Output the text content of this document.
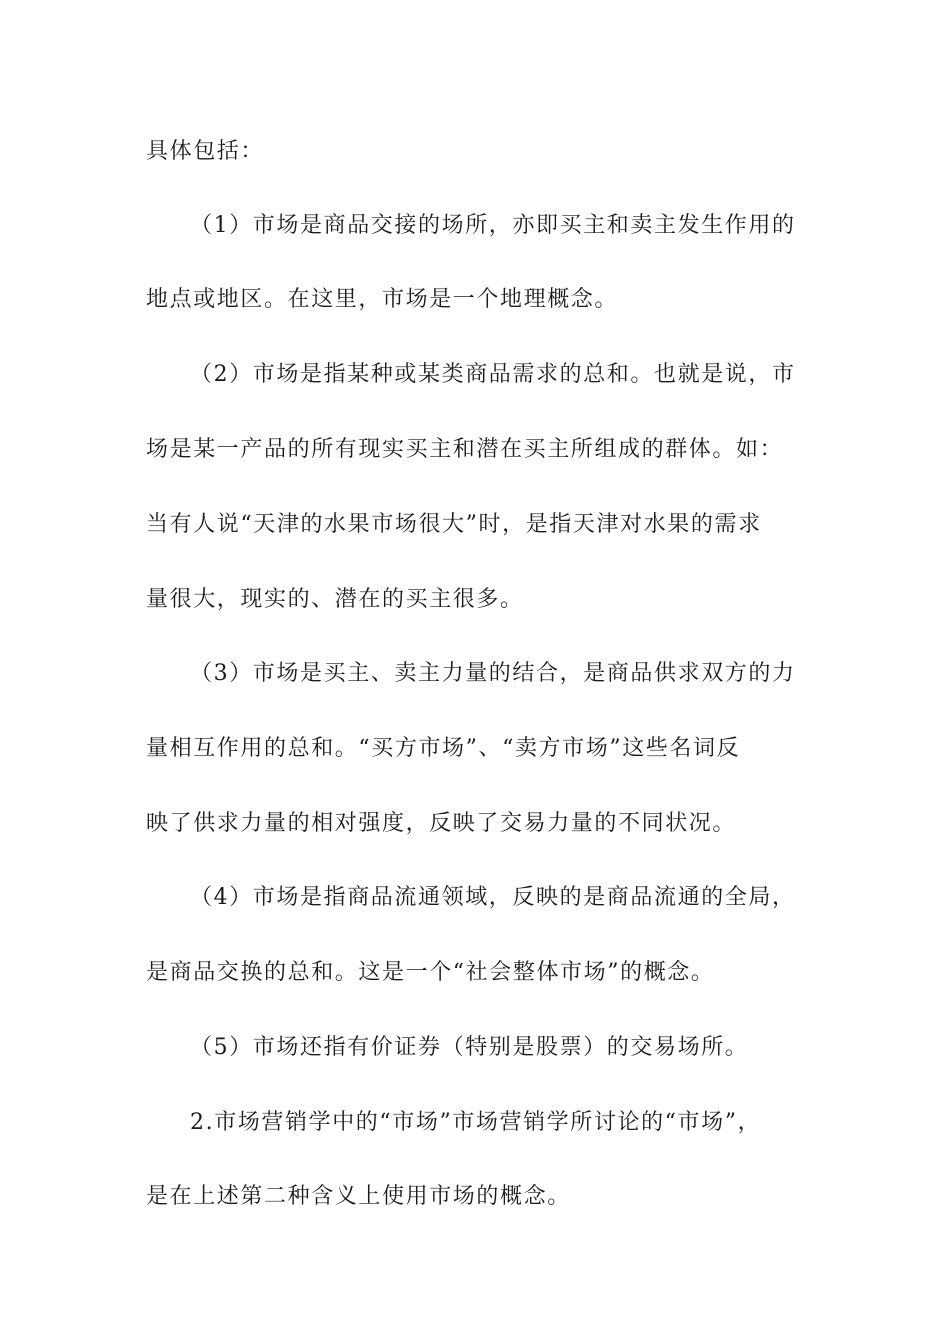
具体包括：
（1）市场是商品交接的场所，亦即买主和卖主发生作用的
地点或地区。在这里，市场是一个地理概念。
（2）市场是指某种或某类商品需求的总和。也就是说，市
场是某一产品的所有现实买主和潜在买主所组成的群体。如：
当有人说“天津的水果市场很大”时，是指天津对水果的需求
量很大，现实的、潜在的买主很多。
（3）市场是买主、卖主力量的结合，是商品供求双方的力
量相互作用的总和。“买方市场”、“卖方市场”这些名词反
映了供求力量的相对强度，反映了交易力量的不同状况。
（4）市场是指商品流通领域，反映的是商品流通的全局，
是商品交换的总和。这是一个“社会整体市场”的概念。
（5）市场还指有价证券（特别是股票）的交易场所。
2.市场营销学中的“市场”市场营销学所讨论的“市场”，
是在上述第二种含义上使用市场的概念。
